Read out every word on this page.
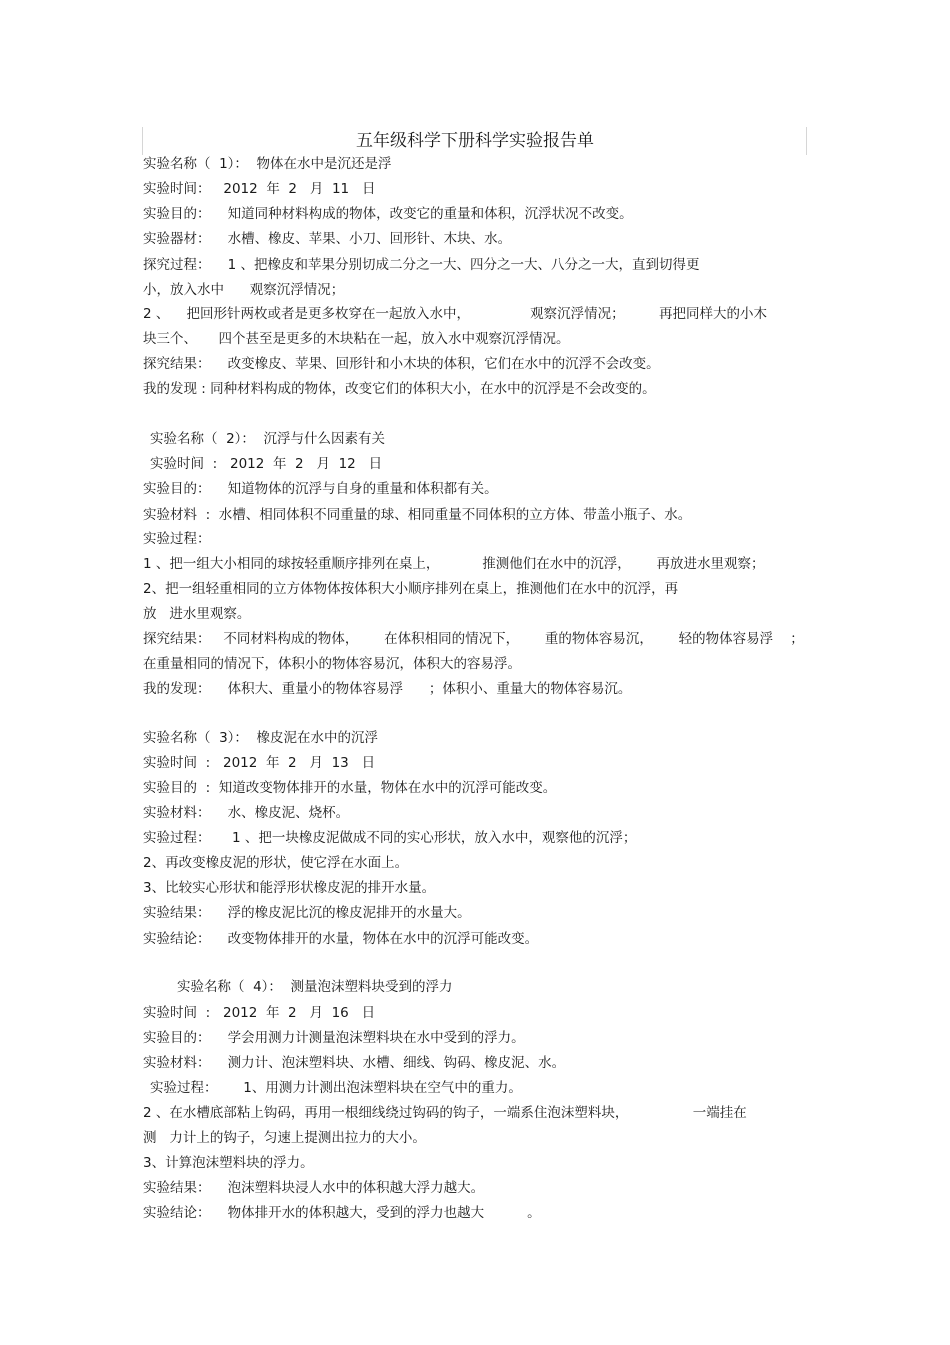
五年级科学下册科学实验报告单
实验名称（  1）：  物体在水中是沉还是浮
实验时间：   2012  年  2   月  11   日
实验目的：    知道同种材料构成的物体，改变它的重量和体积，沉浮状况不改变。
实验器材：    水槽、橡皮、苹果、小刀、回形针、木块、水。
探究过程：    1 、把橡皮和苹果分别切成二分之一大、四分之一大、八分之一大，直到切得更
小，放入水中      观察沉浮情况；
2 、    把回形针两枚或者是更多枚穿在一起放入水中，              观察沉浮情况；        再把同样大的小木
块三个、     四个甚至是更多的木块粘在一起，放入水中观察沉浮情况。
探究结果：    改变橡皮、苹果、回形针和小木块的体积，它们在水中的沉浮不会改变。
我的发现 : 同种材料构成的物体，改变它们的体积大小，在水中的沉浮是不会改变的。
实验名称（  2）：  沉浮与什么因素有关
实验时间  :   2012  年  2   月  12   日
实验目的：    知道物体的沉浮与自身的重量和体积都有关。
实验材料  :  水槽、相同体积不同重量的球、相同重量不同体积的立方体、带盖小瓶子、水。
实验过程：
1 、把一组大小相同的球按轻重顺序排列在桌上，          推测他们在水中的沉浮，      再放进水里观察；
2、把一组轻重相同的立方体物体按体积大小顺序排列在桌上，推测他们在水中的沉浮，再
放   进水里观察。
探究结果：   不同材料构成的物体，      在体积相同的情况下，      重的物体容易沉，      轻的物体容易浮    ；
在重量相同的情况下，体积小的物体容易沉，体积大的容易浮。
我的发现：    体积大、重量小的物体容易浮      ；体积小、重量大的物体容易沉。
实验名称（  3）：  橡皮泥在水中的沉浮
实验时间  :   2012  年  2   月  13   日
实验目的  :  知道改变物体排开的水量，物体在水中的沉浮可能改变。
实验材料：    水、橡皮泥、烧杯。
实验过程：     1 、把一块橡皮泥做成不同的实心形状，放入水中，观察他的沉浮；
2、再改变橡皮泥的形状，使它浮在水面上。
3、比较实心形状和能浮形状橡皮泥的排开水量。
实验结果：    浮的橡皮泥比沉的橡皮泥排开的水量大。
实验结论：    改变物体排开的水量，物体在水中的沉浮可能改变。
实验名称（  4）：  测量泡沫塑料块受到的浮力
实验时间  :   2012  年  2   月  16   日
实验目的：    学会用测力计测量泡沫塑料块在水中受到的浮力。
实验材料：    测力计、泡沫塑料块、水槽、细线、钩码、橡皮泥、水。
实验过程：      1、用测力计测出泡沫塑料块在空气中的重力。
2 、在水槽底部粘上钩码，再用一根细线绕过钩码的钩子，一端系住泡沫塑料块，               一端挂在
测   力计上的钩子，匀速上提测出拉力的大小。
3、计算泡沫塑料块的浮力。
实验结果：    泡沫塑料块浸人水中的体积越大浮力越大。
实验结论：    物体排开水的体积越大，受到的浮力也越大          。
